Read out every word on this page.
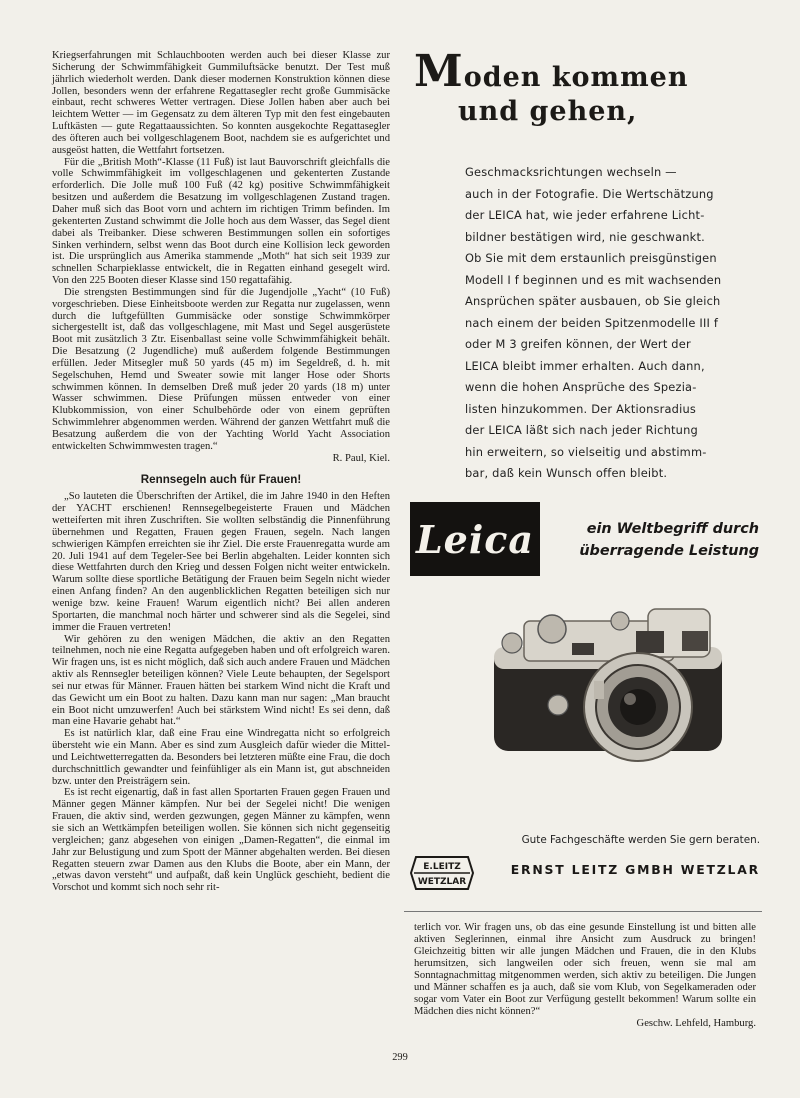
Kriegserfahrungen mit Schlauchbooten werden auch bei dieser Klasse zur Sicherung der Schwimmfähigkeit Gummiluftsäcke benutzt. Der Test muß jährlich wiederholt werden. Dank dieser modernen Konstruktion können diese Jollen, besonders wenn der erfahrene Regattasegler recht große Gummisäcke einbaut, recht schweres Wetter vertragen. Diese Jollen haben aber auch bei leichtem Wetter — im Gegensatz zu dem älteren Typ mit den fest eingebauten Luftkästen — gute Regattaaussichten. So konnten ausgekochte Regattasegler des öfteren auch bei vollgeschlagenem Boot, nachdem sie es aufgerichtet und ausgeöst hatten, die Wettfahrt fortsetzen.

Für die „British Moth“-Klasse (11 Fuß) ist laut Bauvorschrift gleichfalls die volle Schwimmfähigkeit im vollgeschlagenen und gekenterten Zustande erforderlich. Die Jolle muß 100 Fuß (42 kg) positive Schwimmfähigkeit besitzen und außerdem die Besatzung im vollgeschlagenen Zustand tragen. Daher muß sich das Boot vorn und achtern im richtigen Trimm befinden. Im gekenterten Zustand schwimmt die Jolle hoch aus dem Wasser, das Segel dient dabei als Treibanker. Diese schweren Bestimmungen sollen ein sofortiges Sinken verhindern, selbst wenn das Boot durch eine Kollision leck geworden ist. Die ursprünglich aus Amerika stammende „Moth“ hat sich seit 1939 zur schnellen Scharpieklasse entwickelt, die in Regatten einhand gesegelt wird. Von den 225 Booten dieser Klasse sind 150 regattafähig.

Die strengsten Bestimmungen sind für die Jugendjolle „Yacht“ (10 Fuß) vorgeschrieben. Diese Einheitsboote werden zur Regatta nur zugelassen, wenn durch die luftgefüllten Gummisäcke oder sonstige Schwimmkörper sichergestellt ist, daß das vollgeschlagene, mit Mast und Segel ausgerüstete Boot mit zusätzlich 3 Ztr. Eisenballast seine volle Schwimmfähigkeit behält. Die Besatzung (2 Jugendliche) muß außerdem folgende Bestimmungen erfüllen. Jeder Mitsegler muß 50 yards (45 m) im Segeldreß, d. h. mit Segelschuhen, Hemd und Sweater sowie mit langer Hose oder Shorts schwimmen können. In demselben Dreß muß jeder 20 yards (18 m) unter Wasser schwimmen. Diese Prüfungen müssen entweder von einer Klubkommission, von einer Schulbehörde oder von einem geprüften Schwimmlehrer abgenommen werden. Während der ganzen Wettfahrt muß die Besatzung außerdem die von der Yachting World Yacht Association entwickelten Schwimmwesten tragen.“

R. Paul, Kiel.

Rennsegeln auch für Frauen!

„So lauteten die Überschriften der Artikel, die im Jahre 1940 in den Heften der YACHT erschienen! Rennsegelbegeisterte Frauen und Mädchen wetteiferten mit ihren Zuschriften. Sie wollten selbständig die Pinnenführung übernehmen und Regatten, Frauen gegen Frauen, segeln. Nach langen schwierigen Kämpfen erreichten sie ihr Ziel. Die erste Frauenregatta wurde am 20. Juli 1941 auf dem Tegeler-See bei Berlin abgehalten. Leider konnten sich diese Wettfahrten durch den Krieg und dessen Folgen nicht weiter entwickeln. Warum sollte diese sportliche Betätigung der Frauen beim Segeln nicht wieder einen Anfang finden? An den augenblicklichen Regatten beteiligen sich nur wenige bzw. keine Frauen! Warum eigentlich nicht? Bei allen anderen Sportarten, die manchmal noch härter und schwerer sind als die Segelei, sind immer die Frauen vertreten!

Wir gehören zu den wenigen Mädchen, die aktiv an den Regatten teilnehmen, noch nie eine Regatta aufgegeben haben und oft erfolgreich waren. Wir fragen uns, ist es nicht möglich, daß sich auch andere Frauen und Mädchen aktiv als Rennsegler beteiligen können? Viele Leute behaupten, der Segelsport sei nur etwas für Männer. Frauen hätten bei starkem Wind nicht die Kraft und das Gewicht um ein Boot zu halten. Dazu kann man nur sagen: „Man braucht ein Boot nicht umzuwerfen! Auch bei stärkstem Wind nicht! Es sei denn, daß man eine Havarie gehabt hat.“

Es ist natürlich klar, daß eine Frau eine Windregatta nicht so erfolgreich übersteht wie ein Mann. Aber es sind zum Ausgleich dafür wieder die Mittel- und Leichtwetterregatten da. Besonders bei letzteren müßte eine Frau, die doch durchschnittlich gewandter und feinfühliger als ein Mann ist, gut abschneiden bzw. unter den Preisträgern sein.

Es ist recht eigenartig, daß in fast allen Sportarten Frauen gegen Frauen und Männer gegen Männer kämpfen. Nur bei der Segelei nicht! Die wenigen Frauen, die aktiv sind, werden gezwungen, gegen Männer zu kämpfen, wenn sie sich an Wettkämpfen beteiligen wollen. Sie können sich nicht gegenseitig vergleichen; ganz abgesehen von einigen „Damen-Regatten“, die einmal im Jahr zur Belustigung und zum Spott der Männer abgehalten werden. Bei diesen Regatten steuern zwar Damen aus den Klubs die Boote, aber ein Mann, der „etwas davon versteht“ und aufpaßt, daß kein Unglück geschieht, bedient die Vorschot und kommt sich noch sehr rit-

Moden kommen
und gehen,

Geschmacksrichtungen wechseln —

auch in der Fotografie. Die Wertschätzung

der LEICA hat, wie jeder erfahrene Licht-

bildner bestätigen wird, nie geschwankt.

Ob Sie mit dem erstaunlich preisgünstigen

Modell I f beginnen und es mit wachsenden

Ansprüchen später ausbauen, ob Sie gleich

nach einem der beiden Spitzenmodelle III f

oder M 3 greifen können, der Wert der

LEICA bleibt immer erhalten. Auch dann,

wenn die hohen Ansprüche des Spezia-

listen hinzukommen. Der Aktionsradius

der LEICA läßt sich nach jeder Richtung

hin erweitern, so vielseitig und abstimm-

bar, daß kein Wunsch offen bleibt.

Leica	ein Weltbegriff durch
überragende Leistung
Gute Fachgeschäfte werden Sie gern beraten.
E.LEITZ
WETZLAR
ERNST LEITZ GMBH WETZLAR

terlich vor. Wir fragen uns, ob das eine gesunde Einstellung ist und bitten alle aktiven Seglerinnen, einmal ihre Ansicht zum Ausdruck zu bringen! Gleichzeitig bitten wir alle jungen Mädchen und Frauen, die in den Klubs herumsitzen, sich langweilen oder sich freuen, wenn sie mal am Sonntagnachmittag mitgenommen werden, sich aktiv zu beteiligen. Die Jungen und Männer schaffen es ja auch, daß sie vom Klub, von Segelkameraden oder sogar vom Vater ein Boot zur Verfügung gestellt bekommen! Warum sollte ein Mädchen dies nicht können?“

Geschw. Lehfeld, Hamburg.

299
